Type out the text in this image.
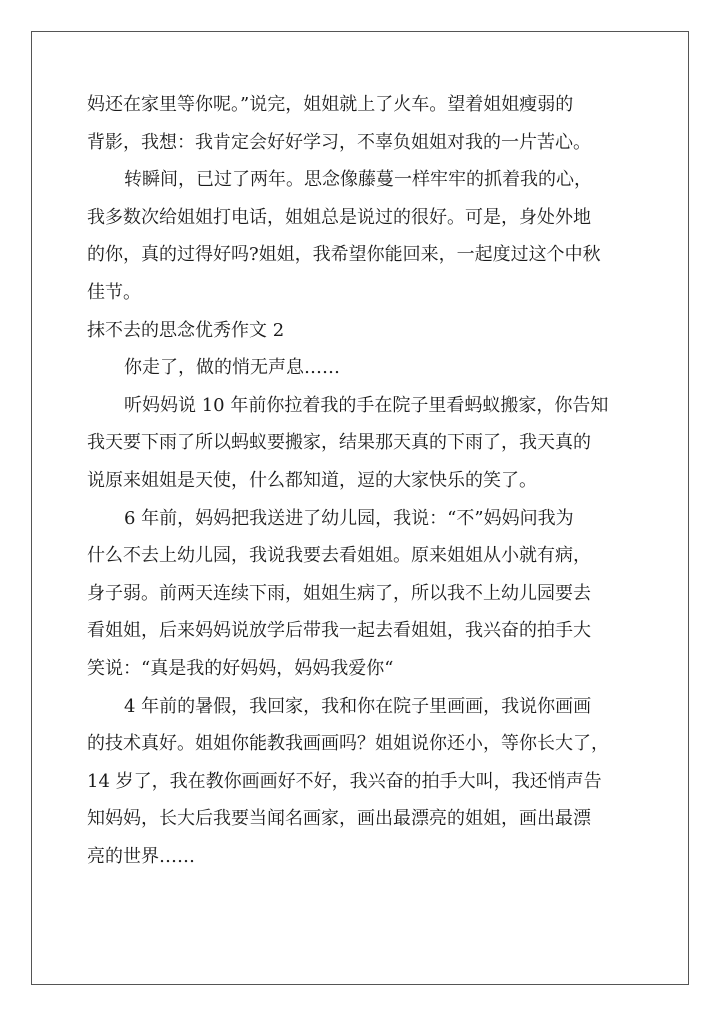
妈还在家里等你呢。”说完，姐姐就上了火车。望着姐姐瘦弱的
背影，我想：我肯定会好好学习，不辜负姐姐对我的一片苦心。
转瞬间，已过了两年。思念像藤蔓一样牢牢的抓着我的心，
我多数次给姐姐打电话，姐姐总是说过的很好。可是，身处外地
的你，真的过得好吗?姐姐，我希望你能回来，一起度过这个中秋
佳节。
抹不去的思念优秀作文 2
你走了，做的悄无声息……
听妈妈说 10 年前你拉着我的手在院子里看蚂蚁搬家，你告知
我天要下雨了所以蚂蚁要搬家，结果那天真的下雨了，我天真的
说原来姐姐是天使，什么都知道，逗的大家快乐的笑了。
6 年前，妈妈把我送进了幼儿园，我说：“不”妈妈问我为
什么不去上幼儿园，我说我要去看姐姐。原来姐姐从小就有病，
身子弱。前两天连续下雨，姐姐生病了，所以我不上幼儿园要去
看姐姐，后来妈妈说放学后带我一起去看姐姐，我兴奋的拍手大
笑说：“真是我的好妈妈，妈妈我爱你“
4 年前的暑假，我回家，我和你在院子里画画，我说你画画
的技术真好。姐姐你能教我画画吗？姐姐说你还小，等你长大了，
14 岁了，我在教你画画好不好，我兴奋的拍手大叫，我还悄声告
知妈妈，长大后我要当闻名画家，画出最漂亮的姐姐，画出最漂
亮的世界……
